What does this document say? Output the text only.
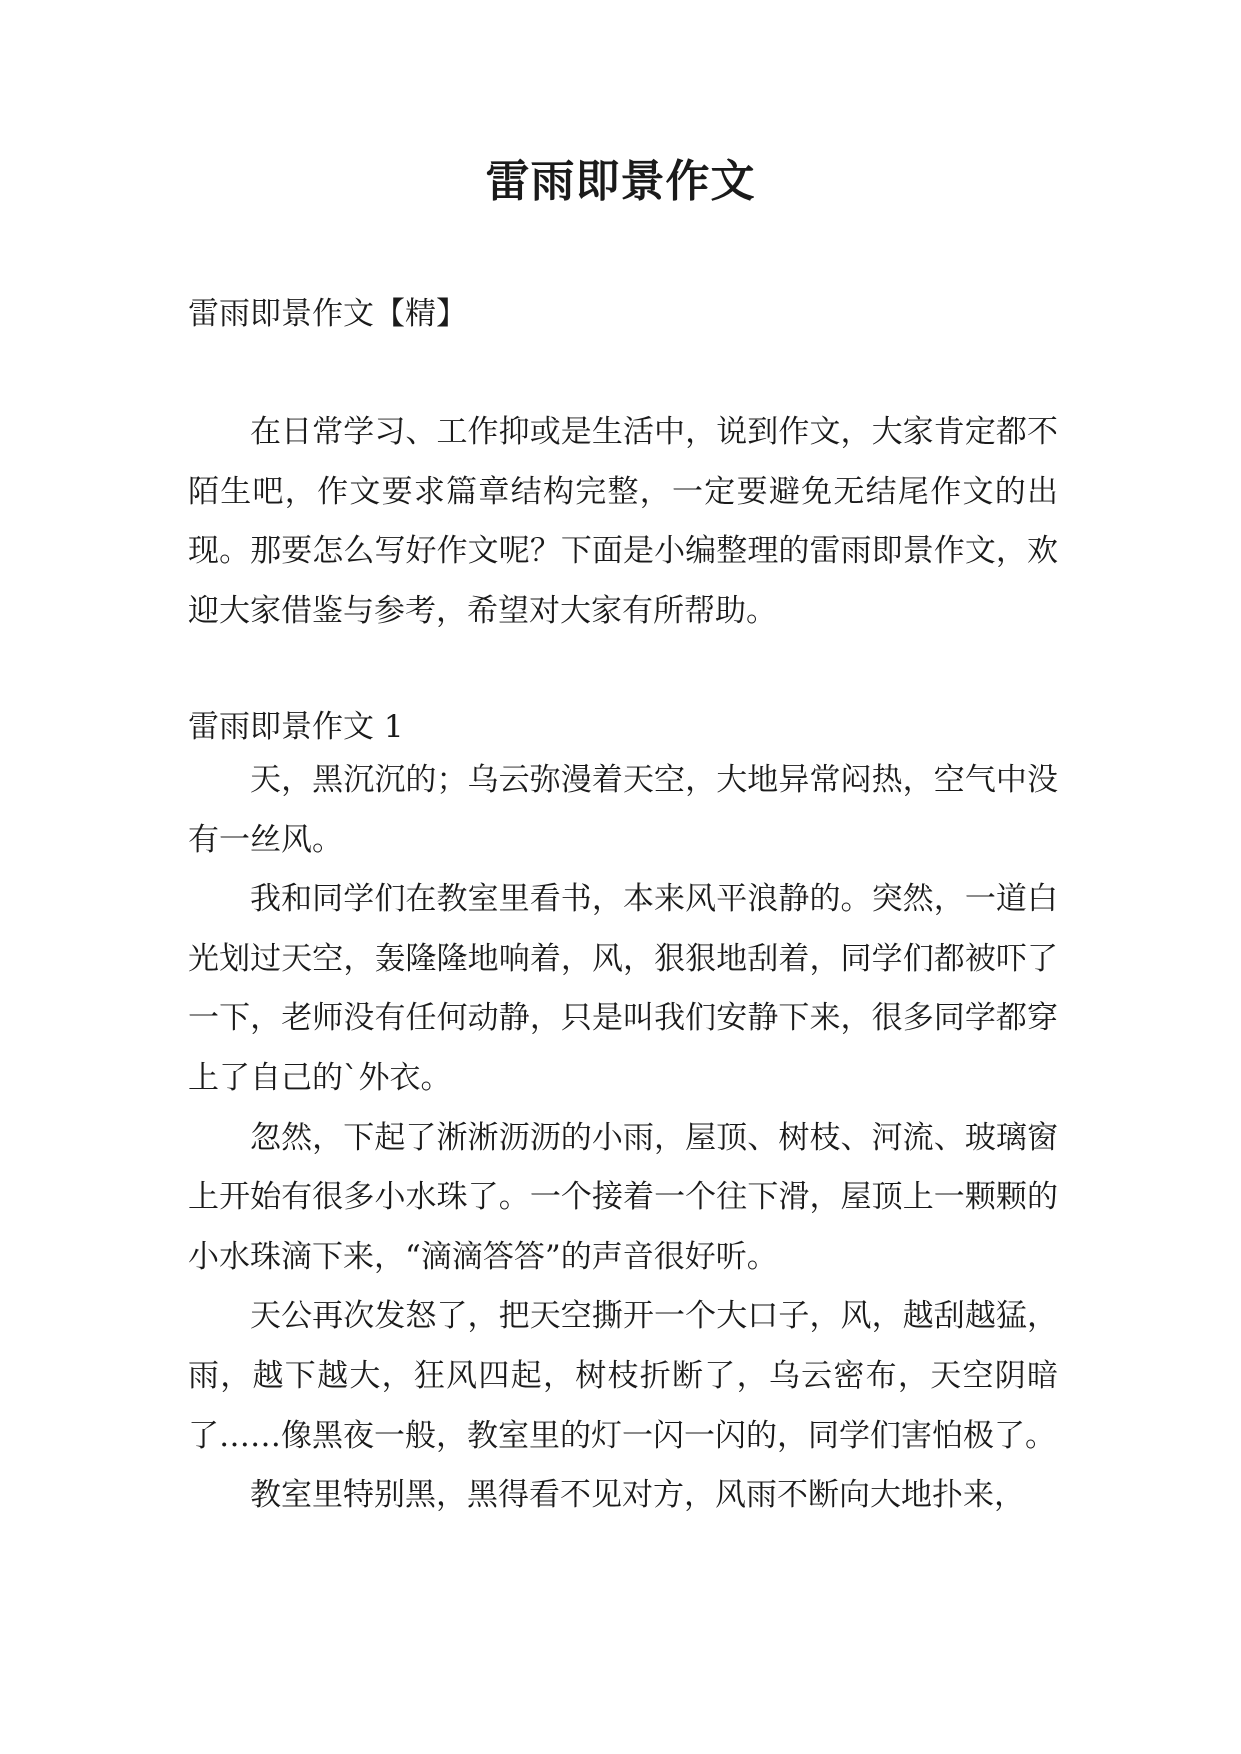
雷雨即景作文
雷雨即景作文【精】

在日常学习、工作抑或是生活中，说到作文，大家肯定都不陌生吧，作文要求篇章结构完整，一定要避免无结尾作文的出现。那要怎么写好作文呢？下面是小编整理的雷雨即景作文，欢迎大家借鉴与参考，希望对大家有所帮助。

雷雨即景作文 1

天，黑沉沉的；乌云弥漫着天空，大地异常闷热，空气中没有一丝风。

我和同学们在教室里看书，本来风平浪静的。突然，一道白光划过天空，轰隆隆地响着，风，狠狠地刮着，同学们都被吓了一下，老师没有任何动静，只是叫我们安静下来，很多同学都穿上了自己的`外衣。

忽然，下起了淅淅沥沥的小雨，屋顶、树枝、河流、玻璃窗上开始有很多小水珠了。一个接着一个往下滑，屋顶上一颗颗的小水珠滴下来，“滴滴答答”的声音很好听。

天公再次发怒了，把天空撕开一个大口子，风，越刮越猛，雨，越下越大，狂风四起，树枝折断了，乌云密布，天空阴暗了……像黑夜一般，教室里的灯一闪一闪的，同学们害怕极了。

教室里特别黑，黑得看不见对方，风雨不断向大地扑来，
